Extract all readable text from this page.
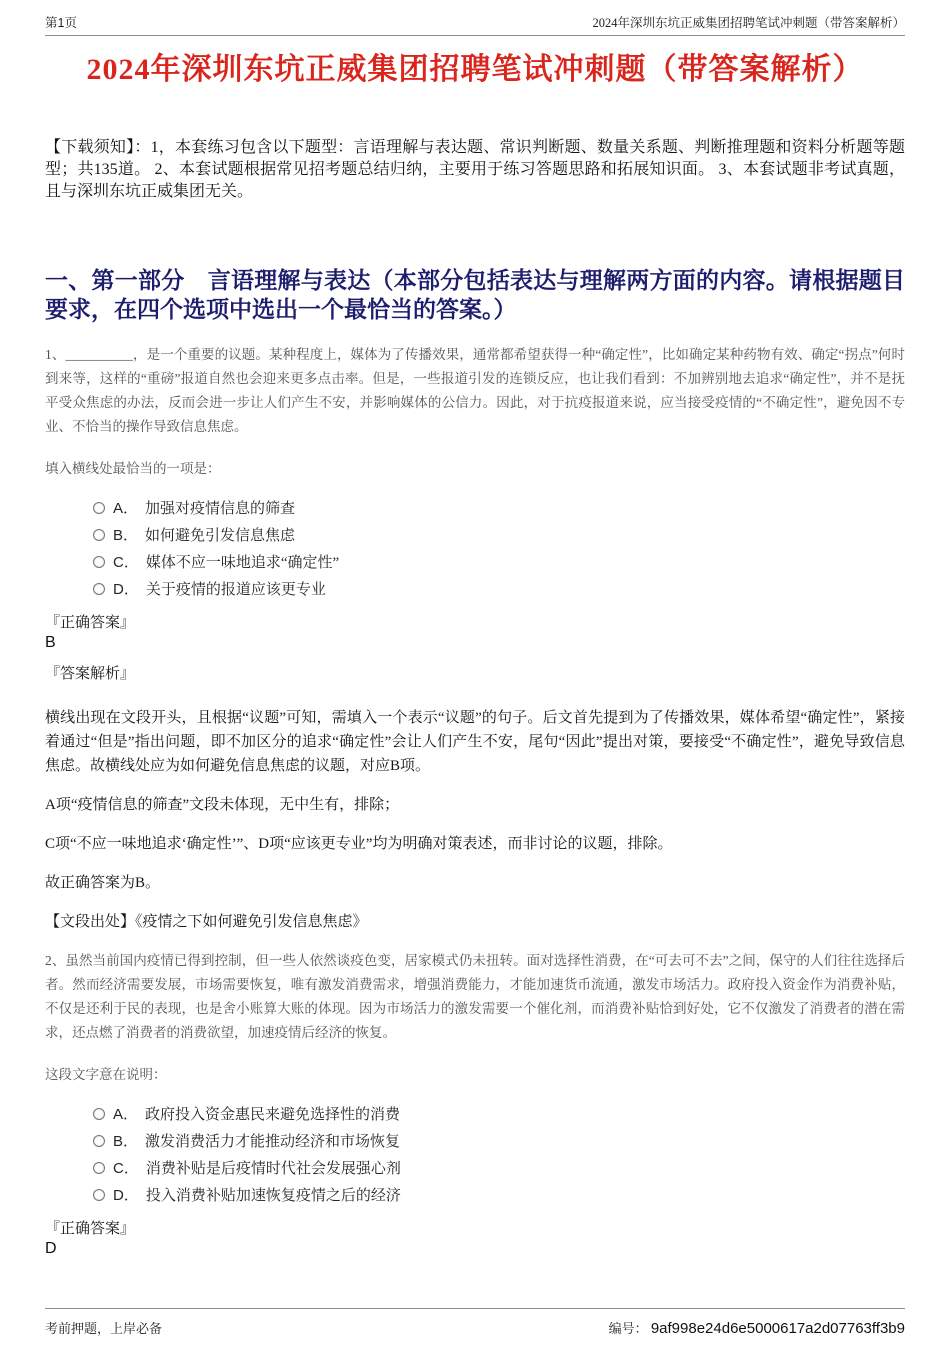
第1页	2024年深圳东坑正威集团招聘笔试冲刺题（带答案解析）
2024年深圳东坑正威集团招聘笔试冲刺题（带答案解析）

【下载须知】：1，本套练习包含以下题型：言语理解与表达题、常识判断题、数量关系题、判断推理题和资料分析题等题型；共135道。 2、本套试题根据常见招考题总结归纳，主要用于练习答题思路和拓展知识面。 3、本套试题非考试真题，且与深圳东坑正威集团无关。

一、第一部分　言语理解与表达（本部分包括表达与理解两方面的内容。请根据题目要求，在四个选项中选出一个最恰当的答案。）

1、__________，是一个重要的议题。某种程度上，媒体为了传播效果，通常都希望获得一种“确定性”，比如确定某种药物有效、确定“拐点”何时到来等，这样的“重磅”报道自然也会迎来更多点击率。但是，一些报道引发的连锁反应，也让我们看到：不加辨别地去追求“确定性”，并不是抚平受众焦虑的办法，反而会进一步让人们产生不安，并影响媒体的公信力。因此，对于抗疫报道来说，应当接受疫情的“不确定性”，避免因不专业、不恰当的操作导致信息焦虑。

填入横线处最恰当的一项是：

A． 加强对疫情信息的筛查
B． 如何避免引发信息焦虑
C． 媒体不应一味地追求“确定性”
D． 关于疫情的报道应该更专业
『正确答案』
B
『答案解析』

横线出现在文段开头，且根据“议题”可知，需填入一个表示“议题”的句子。后文首先提到为了传播效果，媒体希望“确定性”，紧接着通过“但是”指出问题，即不加区分的追求“确定性”会让人们产生不安，尾句“因此”提出对策，要接受“不确定性”，避免导致信息焦虑。故横线处应为如何避免信息焦虑的议题，对应B项。

A项“疫情信息的筛查”文段未体现，无中生有，排除；

C项“不应一味地追求‘确定性’”、D项“应该更专业”均为明确对策表述，而非讨论的议题，排除。

故正确答案为B。

【文段出处】《疫情之下如何避免引发信息焦虑》

2、虽然当前国内疫情已得到控制，但一些人依然谈疫色变，居家模式仍未扭转。面对选择性消费，在“可去可不去”之间，保守的人们往往选择后者。然而经济需要发展，市场需要恢复，唯有激发消费需求，增强消费能力，才能加速货币流通，激发市场活力。政府投入资金作为消费补贴，不仅是还利于民的表现，也是舍小账算大账的体现。因为市场活力的激发需要一个催化剂，而消费补贴恰到好处，它不仅激发了消费者的潜在需求，还点燃了消费者的消费欲望，加速疫情后经济的恢复。

这段文字意在说明：

A． 政府投入资金惠民来避免选择性的消费
B． 激发消费活力才能推动经济和市场恢复
C． 消费补贴是后疫情时代社会发展强心剂
D． 投入消费补贴加速恢复疫情之后的经济
『正确答案』
D
考前押题，上岸必备	编号： 9af998e24d6e5000617a2d07763ff3b9
